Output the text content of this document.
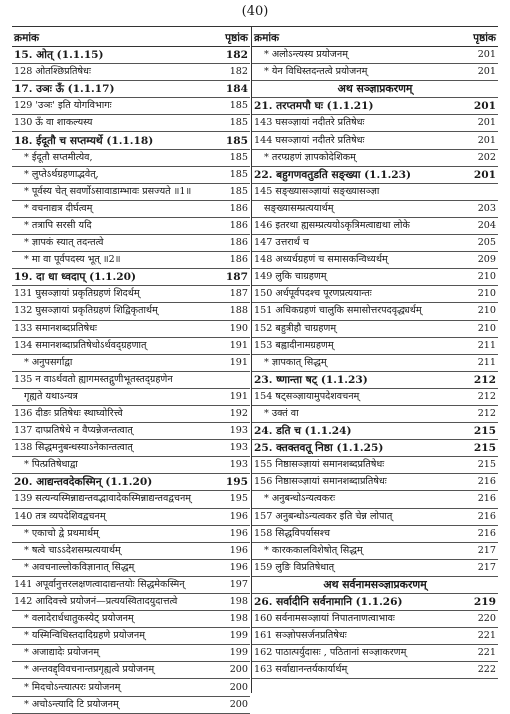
(40)
क्रमांक	पृष्ठांक
15. ओत् (1.1.15)	182
128 ओतश्छिप्रतिषेधः	182
17. उञः ऊँ (1.1.17)	184
129 'उञः' इति योगविभागः	185
130 ऊँ वा शाकल्यस्य	185
18. ईदूतौ च सप्तम्यर्थे (1.1.18)	185
* ईदूतौ सप्तमीत्येव,	185
* लुप्तेऽर्थग्रहणाद्भवेत्,	185
* पूर्वस्य चेत् सवर्णोऽसावाडाम्भावः प्रसज्यते ॥1॥	185
* वचनाद्यत्र दीर्घत्वम्	186
* तत्रापि सरसी यदि	186
* ज्ञापकं स्यात् तदन्तत्वे	186
* मा वा पूर्वपदस्य भूत् ॥2॥	186
19. दा धा ध्वदाप् (1.1.20)	187
131 घुसञ्ज्ञायां प्रकृतिग्रहणं शिदर्थम्	187
132 घुसञ्ज्ञायां प्रकृतिग्रहणं शिद्विकृतार्थम्	188
133 समानशब्दप्रतिषेधः	190
134 समानशब्दाप्रतिषेधोऽर्थवद्ग्रहणात्	191
* अनुपसर्गाद्वा	191
135 न वाऽर्थवतो ह्यागमस्तद्गुणीभूतस्तद्ग्रहणेन
गृह्यते यथाऽन्यत्र	191
136 दीङः प्रतिषेधः स्थाघ्वोरित्त्वे	192
137 दाप्प्रतिषेधे न वैप्यन्नेजन्तत्वात्	193
138 सिद्धमनुबन्धस्याऽनेकान्तत्वात्	193
* पित्प्रतिषेधाद्वा	193
20. आद्यन्तवदेकस्मिन् (1.1.20)	195
139 सत्यन्यस्मिन्नाद्यन्तवद्भावादेकस्मिन्नाद्यन्तवद्वचनम्	195
140 तत्र व्यपदेशिवद्वचनम्	196
* एकाचो द्वे प्रथमार्थम्	196
* षत्वे चाऽऽदेशसम्प्रत्ययार्थम्	196
* अवचनाल्लोकविज्ञानात् सिद्धम्	196
141 अपूर्वानुत्तरलक्षणत्वादाद्यन्तयोः सिद्धमेकस्मिन्	197
142 आदिवत्त्वे प्रयोजनं—प्रत्ययस्वितादयुदात्तत्वे	198
* वलादेरार्धधातुकस्येट् प्रयोजनम्	198
* यस्मिन्विधिस्तदादिग्रहणे प्रयोजनम्	199
* अजाद्यादेः प्रयोजनम्	199
* अन्तवद्द्विवचनान्तप्रगृह्यत्वे प्रयोजनम्	200
* मिदचोऽन्त्यात्परः प्रयोजनम्	200
* अचोऽन्त्यादि टि प्रयोजनम्	200
क्रमांक	पृष्ठांक
* अलोऽन्त्यस्य प्रयोजनम्	201
* येन विधिस्तदन्तत्वे प्रयोजनम्	201
अथ सञ्ज्ञाप्रकरणम्
21. तरप्तमपौ घः (1.1.21)	201
143 घसञ्ज्ञायां नदीतरे प्रतिषेधः	201
144 घसञ्ज्ञायां नदीतरे प्रतिषेधः	201
* तरप्ग्रहणं ज्ञापकोदेशिकम्	202
22. बहुगणवतुडति सङ्ख्या (1.1.23)	201
145 सङ्ख्यासञ्ज्ञायां सङ्ख्यासञ्ज्ञा
सङ्ख्यासम्प्रत्ययार्थम्	203
146 इतरथा ह्यसम्प्रत्ययोऽकृत्रिमत्वाद्यथा लोके	204
147 उत्तरार्थं च	205
148 अध्यर्धग्रहणं च समासकन्विध्यर्थम्	209
149 लुकि चाग्रहणम्	210
150 अर्धपूर्वपदश्च पूरणप्रत्ययान्तः	210
151 अधिकग्रहणं चालुकि समासोत्तरपदवृद्ध्यर्थम्	210
152 बहुत्रीहौ चाग्रहणम्	210
153 बह्वादीनामग्रहणम्	211
* ज्ञापकात् सिद्धम्	211
23. ष्णान्ता षट् (1.1.23)	212
154 षट्सञ्ज्ञायामुपदेशवचनम्	212
* उक्तं वा	212
24. डति च (1.1.24)	215
25. क्तक्तवतू निष्ठा (1.1.25)	215
155 निष्ठासञ्ज्ञायां समानशब्दप्रतिषेधः	215
156 निष्ठासञ्ज्ञायां समानशब्दाप्रतिषेधः	216
* अनुबन्धोऽन्यत्वकरः	216
157 अनुबन्धोऽन्यत्वकर इति चेन्न लोपात्	216
158 सिद्धविपर्यासश्च	216
* कारककालविशेषोत् सिद्धम्	217
159 लुङि विप्रतिषेधात्	217
अथ सर्वनामसञ्ज्ञाप्रकरणम्
26. सर्वादीनि सर्वनामानि (1.1.26)	219
160 सर्वनामसञ्ज्ञायां निपातनाणत्वाभावः	220
161 सञ्ज्ञोपसर्जनप्रतिषेधः	221
162 पाठात्पर्युदासः , पठितानां सञ्ज्ञाकरणम्	221
163 सर्वाद्यानन्तर्यकार्यार्थम्	222
